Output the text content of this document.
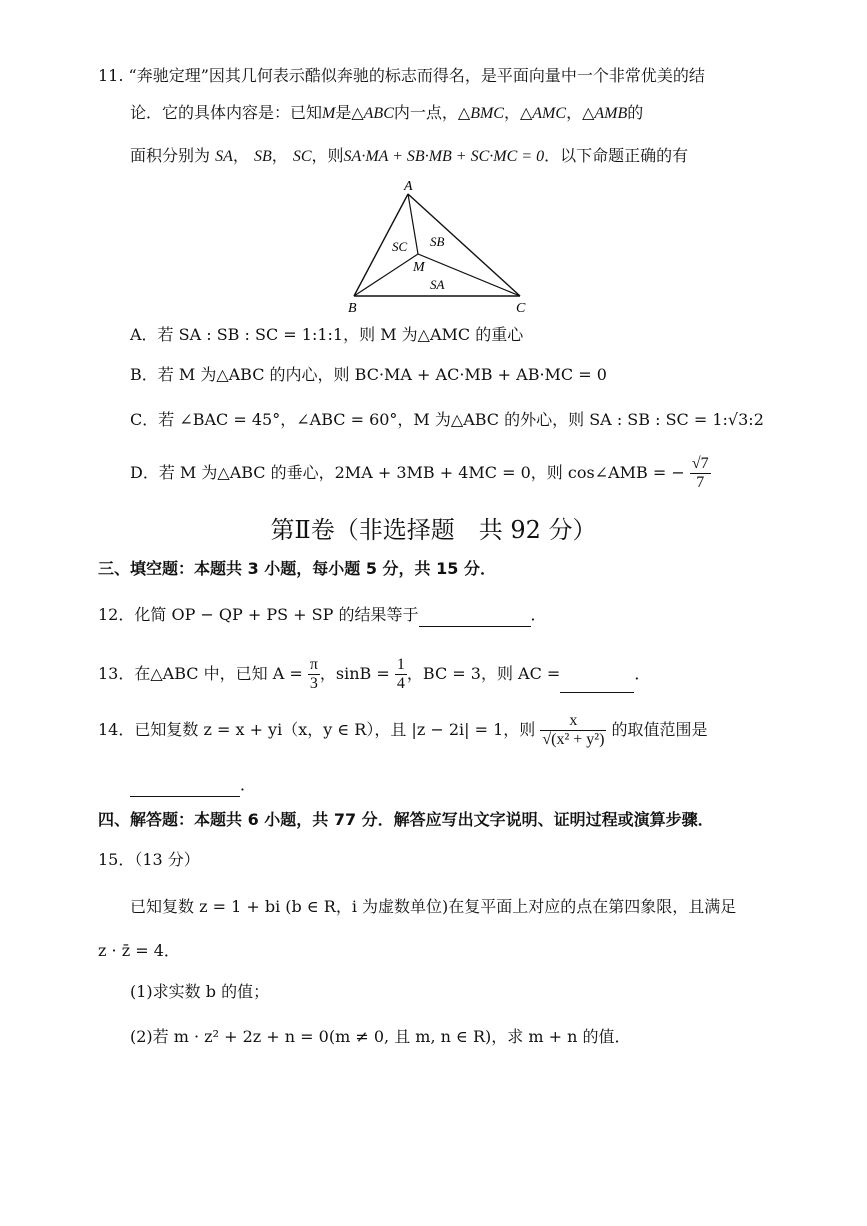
11. “奔驰定理”因其几何表示酷似奔驰的标志而得名，是平面向量中一个非常优美的结
论．它的具体内容是：已知M是△ABC内一点，△BMC，△AMC，△AMB的
面积分别为 SA， SB， SC，则SA·MA + SB·MB + SC·MC = 0．以下命题正确的有
A
B	C
M
SC SB
SA
A．若 SA : SB : SC = 1:1:1，则 M 为△AMC 的重心
B．若 M 为△ABC 的内心，则 BC·MA + AC·MB + AB·MC = 0
C．若 ∠BAC = 45°，∠ABC = 60°，M 为△ABC 的外心，则 SA : SB : SC = 1:√3:2
D．若 M 为△ABC 的垂心，2MA + 3MB + 4MC = 0，则 cos∠AMB = − $\frac{√7}{7}$
第Ⅱ卷（非选择题　共 92 分）
三、填空题：本题共 3 小题，每小题 5 分，共 15 分．
12．化简 OP − QP + PS + SP 的结果等于	．
13．在△ABC 中，已知 $A = \frac{\pi}{3}$ ，$\sin B = \frac{1}{4}$ ，BC = 3，则 AC =	．
14．已知复数 z = x + yi（x，y ∈ R），且 |z − 2i| = 1，则 $\frac{x}{\text{√(x² + y²)}}$ 的取值范围是
．
四、解答题：本题共 6 小题，共 77 分．解答应写出文字说明、证明过程或演算步骤．
15．（13 分）
已知复数 z = 1 + bi (b ∈ R，i 为虚数单位)在复平面上对应的点在第四象限，且满足
z · z̄ = 4．
(1)求实数 b 的值；
(2)若 m · z² + 2z + n = 0(m ≠ 0, 且 m, n ∈ R)，求 m + n 的值．
